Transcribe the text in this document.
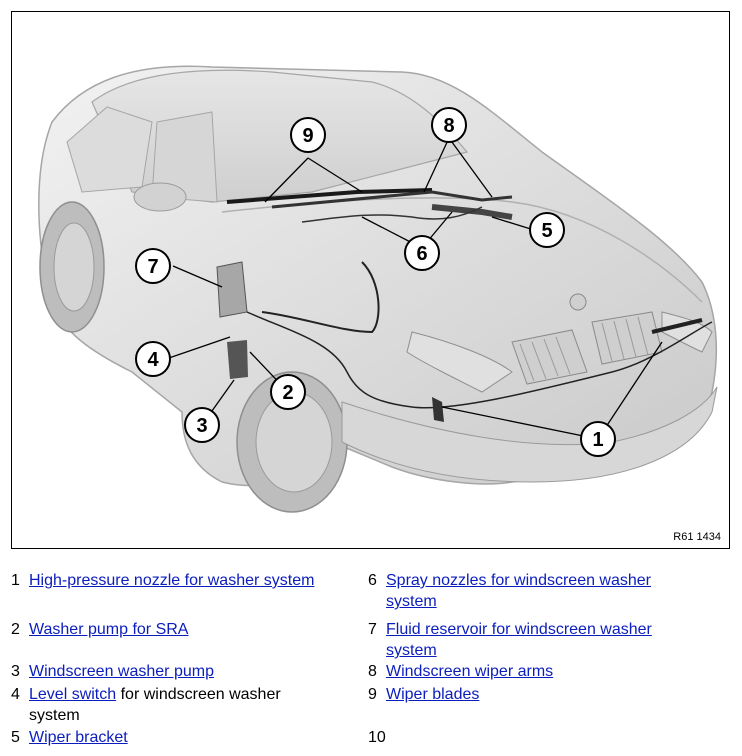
1
2
3
4
5
6
7
8
9
R61 1434
1 High-pressure nozzle for washer system
2 Washer pump for SRA
3 Windscreen washer pump
4 Level switch for windscreen washer system
5 Wiper bracket
6 Spray nozzles for windscreen washer system
7 Fluid reservoir for windscreen washer system
8 Windscreen wiper arms
9 Wiper blades
10
